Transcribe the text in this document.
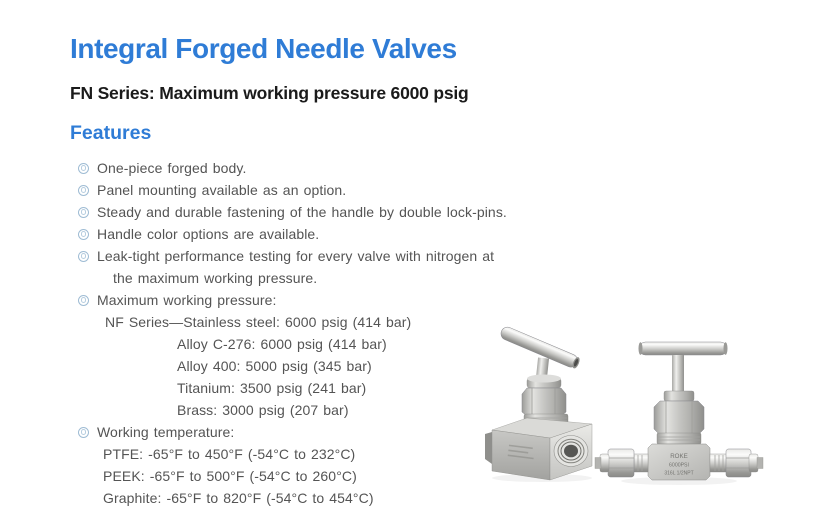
Integral Forged Needle Valves
FN Series: Maximum working pressure 6000 psig
Features
One-piece forged body.
Panel mounting available as an option.
Steady and durable fastening of the handle by double lock-pins.
Handle color options are available.
Leak-tight performance testing for every valve with nitrogen at
the maximum working pressure.
Maximum working pressure:
NF Series—Stainless steel: 6000 psig (414 bar)
Alloy C-276: 6000 psig (414 bar)
Alloy 400: 5000 psig (345 bar)
Titanium: 3500 psig (241 bar)
Brass: 3000 psig (207 bar)
Working temperature:
PTFE: -65°F to 450°F (-54°C to 232°C)
PEEK: -65°F to 500°F (-54°C to 260°C)
Graphite: -65°F to 820°F (-54°C to 454°C)
ROKE
6000PSI
316L 1/2NPT
